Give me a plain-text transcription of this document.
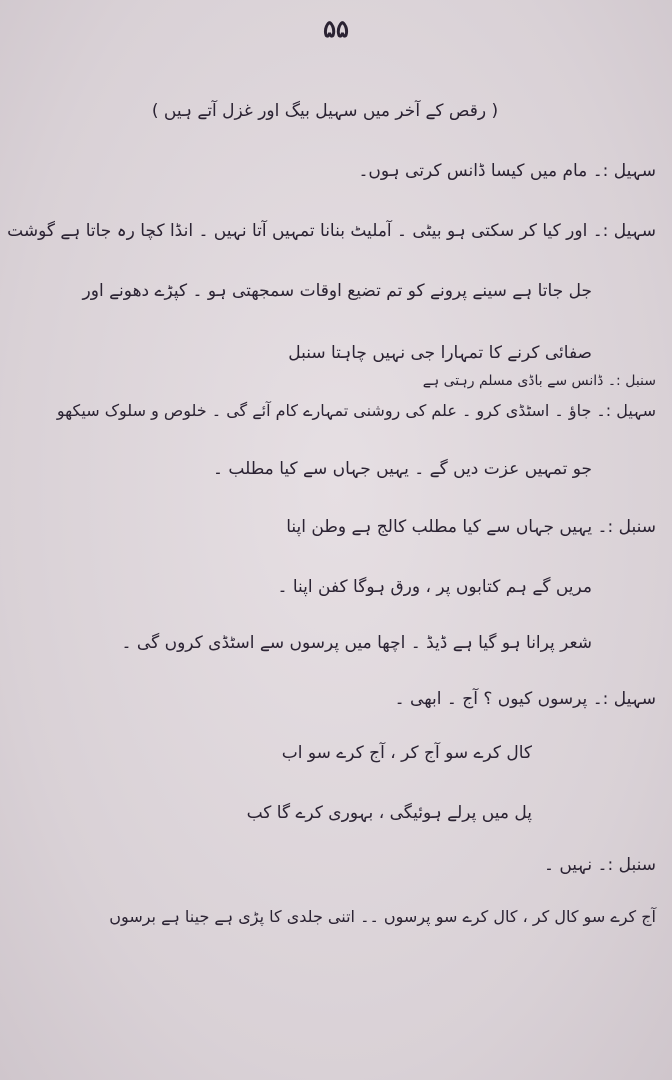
۵۵
( رقص کے آخر میں سہیل بیگ اور غزل آتے ہیں )
سہیل :۔ مام میں کیسا ڈانس کرتی ہوں۔
سہیل :۔ اور کیا کر سکتی ہو بیٹی ۔ آملیٹ بنانا تمہیں آتا نہیں ۔ انڈا کچا رہ جاتا ہے گوشت
جل جاتا ہے سینے پرونے کو تم تضیع اوقات سمجھتی ہو ۔ کپڑے دھونے اور
صفائی کرنے کا تمہارا جی نہیں چاہتا سنبل
سنبل :۔ ڈانس سے باڈی مسلم رہتی ہے
سہیل :۔ جاؤ ۔ اسٹڈی کرو ۔ علم کی روشنی تمہارے کام آئے گی ۔ خلوص و سلوک سیکھو
جو تمہیں عزت دیں گے ۔ یہیں جہاں سے کیا مطلب ۔
سنبل :۔ یہیں جہاں سے کیا مطلب کالج ہے وطن اپنا
مریں گے ہم کتابوں پر ، ورق ہوگا کفن اپنا ۔
شعر پرانا ہو گیا ہے ڈیڈ ۔ اچھا میں پرسوں سے اسٹڈی کروں گی ۔
سہیل :۔ پرسوں کیوں ؟ آج ۔ ابھی ۔
کال کرے سو آج کر ، آج کرے سو اب
پل میں پرلے ہوئیگی ، بہوری کرے گا کب
سنبل :۔ نہیں ۔
آج کرے سو کال کر ، کال کرے سو پرسوں ۔۔ اتنی جلدی کا پڑی ہے جینا ہے برسوں
